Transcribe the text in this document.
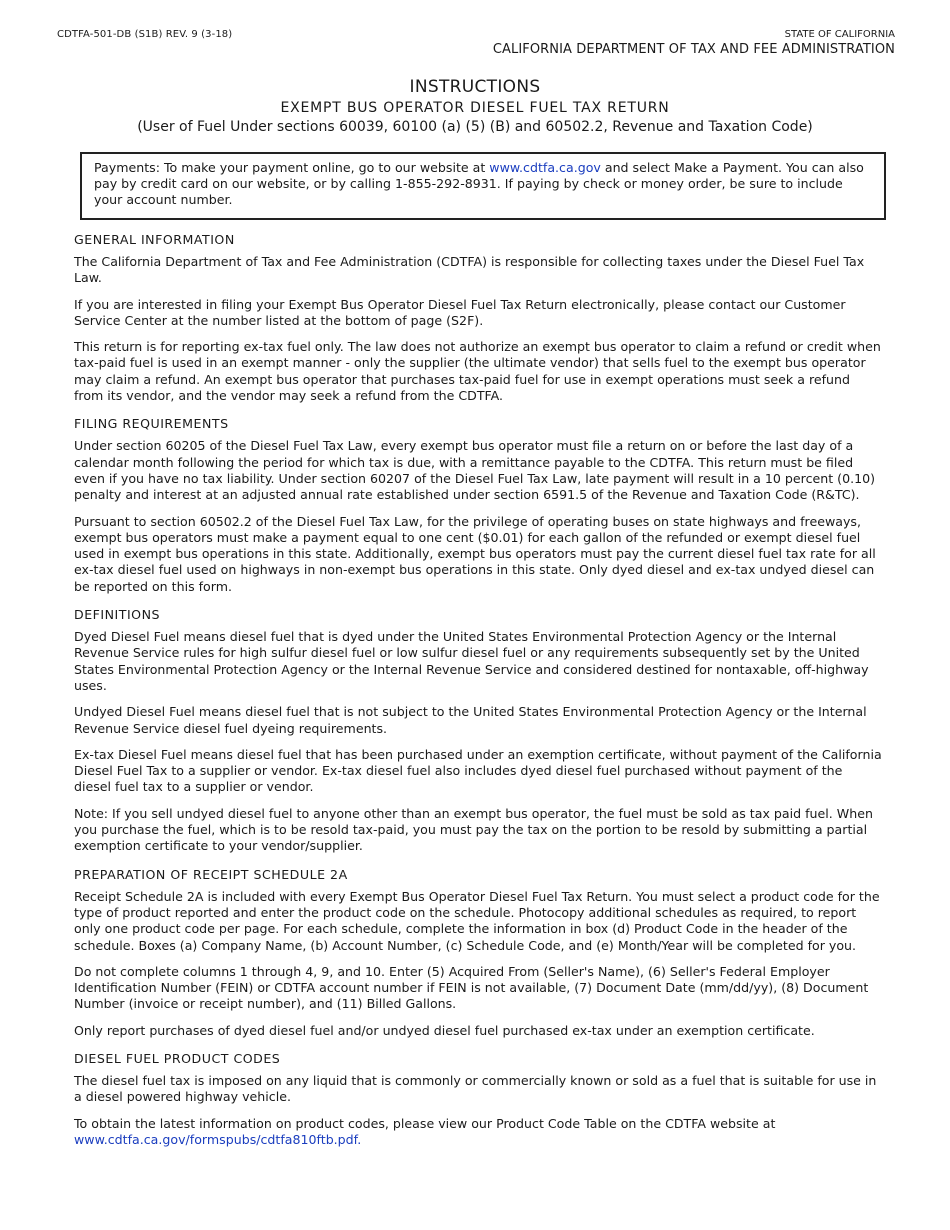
CDTFA-501-DB (S1B) REV. 9 (3-18)	STATE OF CALIFORNIA
CALIFORNIA DEPARTMENT OF TAX AND FEE ADMINISTRATION
INSTRUCTIONS
EXEMPT BUS OPERATOR DIESEL FUEL TAX RETURN
(User of Fuel Under sections 60039, 60100 (a) (5) (B) and 60502.2, Revenue and Taxation Code)
Payments: To make your payment online, go to our website at www.cdtfa.ca.gov and select Make a Payment. You can also pay by credit card on our website, or by calling 1-855-292-8931. If paying by check or money order, be sure to include your account number.
GENERAL INFORMATION
The California Department of Tax and Fee Administration (CDTFA) is responsible for collecting taxes under the Diesel Fuel Tax Law.
If you are interested in filing your Exempt Bus Operator Diesel Fuel Tax Return electronically, please contact our Customer Service Center at the number listed at the bottom of page (S2F).
This return is for reporting ex-tax fuel only. The law does not authorize an exempt bus operator to claim a refund or credit when tax-paid fuel is used in an exempt manner - only the supplier (the ultimate vendor) that sells fuel to the exempt bus operator may claim a refund. An exempt bus operator that purchases tax-paid fuel for use in exempt operations must seek a refund from its vendor, and the vendor may seek a refund from the CDTFA.
FILING REQUIREMENTS
Under section 60205 of the Diesel Fuel Tax Law, every exempt bus operator must file a return on or before the last day of a calendar month following the period for which tax is due, with a remittance payable to the CDTFA. This return must be filed even if you have no tax liability. Under section 60207 of the Diesel Fuel Tax Law, late payment will result in a 10 percent (0.10) penalty and interest at an adjusted annual rate established under section 6591.5 of the Revenue and Taxation Code (R&TC).
Pursuant to section 60502.2 of the Diesel Fuel Tax Law, for the privilege of operating buses on state highways and freeways, exempt bus operators must make a payment equal to one cent ($0.01) for each gallon of the refunded or exempt diesel fuel used in exempt bus operations in this state. Additionally, exempt bus operators must pay the current diesel fuel tax rate for all ex-tax diesel fuel used on highways in non-exempt bus operations in this state. Only dyed diesel and ex-tax undyed diesel can be reported on this form.
DEFINITIONS
Dyed Diesel Fuel means diesel fuel that is dyed under the United States Environmental Protection Agency or the Internal Revenue Service rules for high sulfur diesel fuel or low sulfur diesel fuel or any requirements subsequently set by the United States Environmental Protection Agency or the Internal Revenue Service and considered destined for nontaxable, off-highway uses.
Undyed Diesel Fuel means diesel fuel that is not subject to the United States Environmental Protection Agency or the Internal Revenue Service diesel fuel dyeing requirements.
Ex-tax Diesel Fuel means diesel fuel that has been purchased under an exemption certificate, without payment of the California Diesel Fuel Tax to a supplier or vendor. Ex-tax diesel fuel also includes dyed diesel fuel purchased without payment of the diesel fuel tax to a supplier or vendor.
Note: If you sell undyed diesel fuel to anyone other than an exempt bus operator, the fuel must be sold as tax paid fuel. When you purchase the fuel, which is to be resold tax-paid, you must pay the tax on the portion to be resold by submitting a partial exemption certificate to your vendor/supplier.
PREPARATION OF RECEIPT SCHEDULE 2A
Receipt Schedule 2A is included with every Exempt Bus Operator Diesel Fuel Tax Return. You must select a product code for the type of product reported and enter the product code on the schedule. Photocopy additional schedules as required, to report only one product code per page. For each schedule, complete the information in box (d) Product Code in the header of the schedule. Boxes (a) Company Name, (b) Account Number, (c) Schedule Code, and (e) Month/Year will be completed for you.
Do not complete columns 1 through 4, 9, and 10. Enter (5) Acquired From (Seller's Name), (6) Seller's Federal Employer Identification Number (FEIN) or CDTFA account number if FEIN is not available, (7) Document Date (mm/dd/yy), (8) Document Number (invoice or receipt number), and (11) Billed Gallons.
Only report purchases of dyed diesel fuel and/or undyed diesel fuel purchased ex-tax under an exemption certificate.
DIESEL FUEL PRODUCT CODES
The diesel fuel tax is imposed on any liquid that is commonly or commercially known or sold as a fuel that is suitable for use in a diesel powered highway vehicle.
To obtain the latest information on product codes, please view our Product Code Table on the CDTFA website at
www.cdtfa.ca.gov/formspubs/cdtfa810ftb.pdf.
